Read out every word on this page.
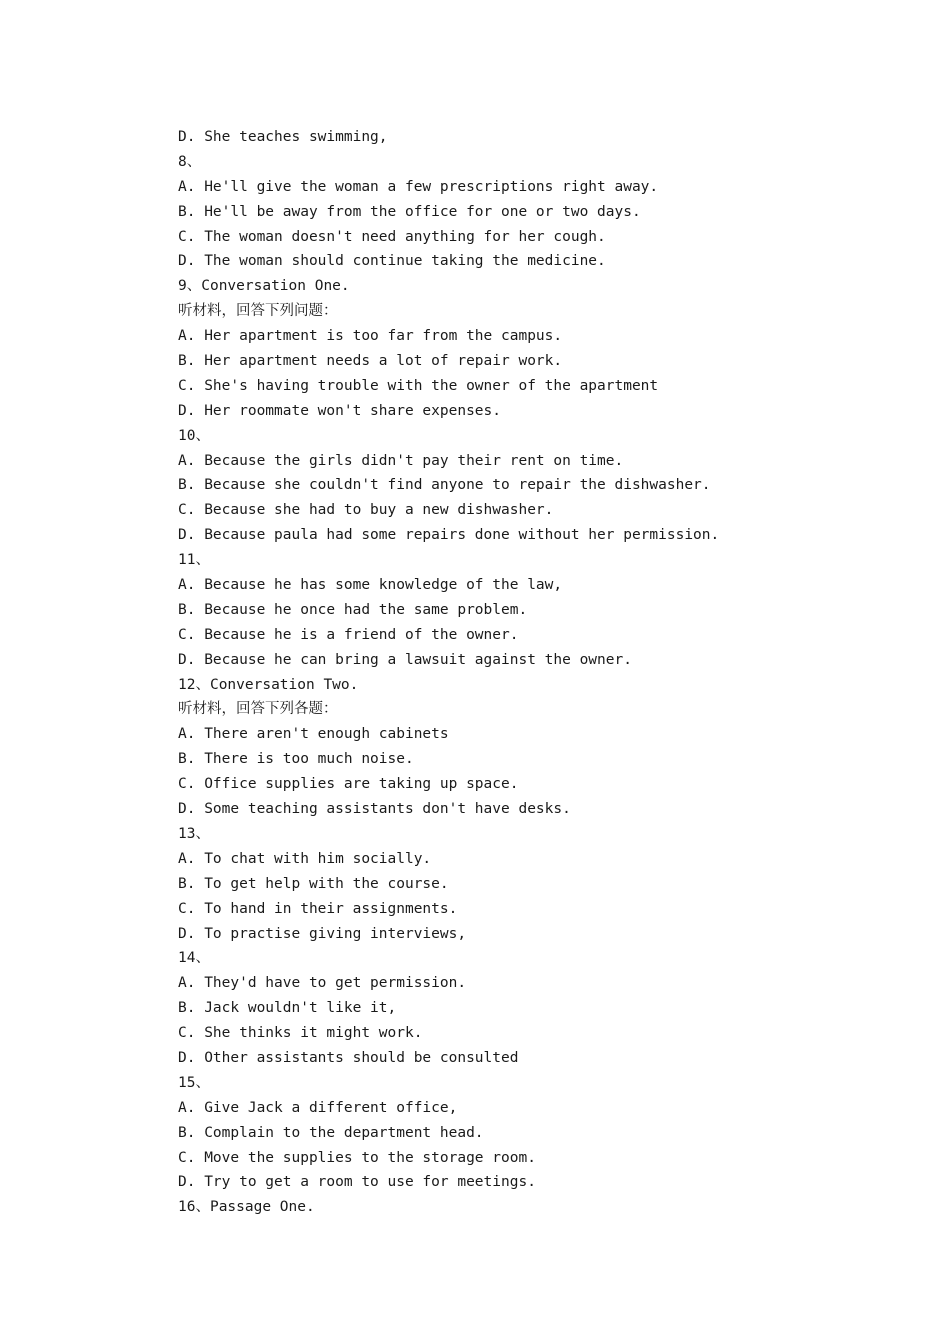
D. She teaches swimming,
8、
A. He'll give the woman a few prescriptions right away.
B. He'll be away from the office for one or two days.
C. The woman doesn't need anything for her cough.
D. The woman should continue taking the medicine.
9、Conversation One.
听材料，回答下列问题：
A. Her apartment is too far from the campus.
B. Her apartment needs a lot of repair work.
C. She's having trouble with the owner of the apartment
D. Her roommate won't share expenses.
10、
A. Because the girls didn't pay their rent on time.
B. Because she couldn't find anyone to repair the dishwasher.
C. Because she had to buy a new dishwasher.
D. Because paula had some repairs done without her permission.
11、
A. Because he has some knowledge of the law,
B. Because he once had the same problem.
C. Because he is a friend of the owner.
D. Because he can bring a lawsuit against the owner.
12、Conversation Two.
听材料，回答下列各题：
A. There aren't enough cabinets
B. There is too much noise.
C. Office supplies are taking up space.
D. Some teaching assistants don't have desks.
13、
A. To chat with him socially.
B. To get help with the course.
C. To hand in their assignments.
D. To practise giving interviews,
14、
A. They'd have to get permission.
B. Jack wouldn't like it,
C. She thinks it might work.
D. Other assistants should be consulted
15、
A. Give Jack a different office,
B. Complain to the department head.
C. Move the supplies to the storage room.
D. Try to get a room to use for meetings.
16、Passage One.
